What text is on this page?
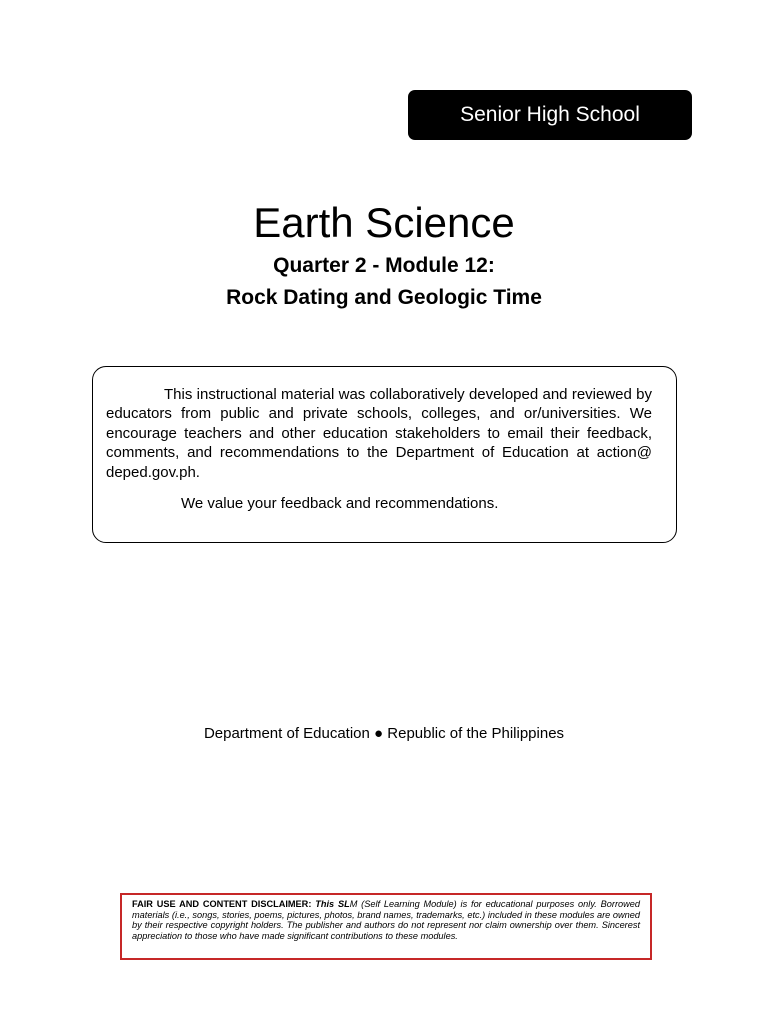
Senior High School
Earth Science
Quarter 2 - Module 12:
Rock Dating and Geologic Time

This instructional material was collaboratively developed and reviewed by educators from public and private schools, colleges, and or/universities. We encourage teachers and other education stakeholders to email their feedback, comments, and recommendations to the Department of Education at action@ deped.gov.ph.

We value your feedback and recommendations.

Department of Education ● Republic of the Philippines
FAIR USE AND CONTENT DISCLAIMER: This SLM (Self Learning Module) is for educational purposes only. Borrowed materials (i.e., songs, stories, poems, pictures, photos, brand names, trademarks, etc.) included in these modules are owned by their respective copyright holders. The publisher and authors do not represent nor claim ownership over them. Sincerest appreciation to those who have made significant contributions to these modules.
